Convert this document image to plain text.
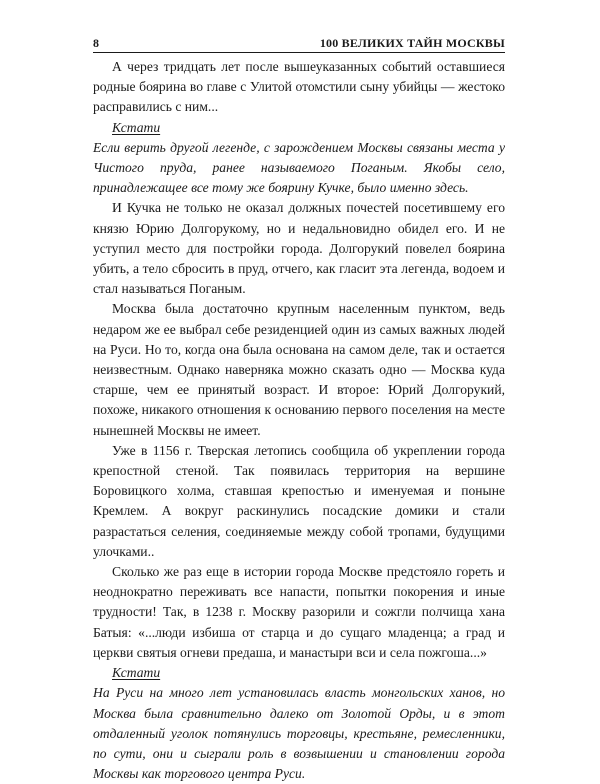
8	100 ВЕЛИКИХ ТАЙН МОСКВЫ

А через тридцать лет после вышеуказанных событий оставшиеся родные боярина во главе с Улитой отомстили сыну убийцы — жестоко расправились с ним...

Кстати

Если верить другой легенде, с зарождением Москвы связаны места у Чистого пруда, ранее называемого Поганым. Якобы село, принадлежащее все тому же боярину Кучке, было именно здесь.

И Кучка не только не оказал должных почестей посетившему его князю Юрию Долгорукому, но и недальновидно обидел его. И не уступил место для постройки города. Долгорукий повелел боярина убить, а тело сбросить в пруд, отчего, как гласит эта легенда, водоем и стал называться Поганым.

Москва была достаточно крупным населенным пунктом, ведь недаром же ее выбрал себе резиденцией один из самых важных людей на Руси. Но то, когда она была основана на самом деле, так и остается неизвестным. Однако наверняка можно сказать одно — Москва куда старше, чем ее принятый возраст. И второе: Юрий Долгорукий, похоже, никакого отношения к основанию первого поселения на месте нынешней Москвы не имеет.

Уже в 1156 г. Тверская летопись сообщила об укреплении города крепостной стеной. Так появилась территория на вершине Боровицкого холма, ставшая крепостью и именуемая и поныне Кремлем. А вокруг раскинулись посадские домики и стали разрастаться селения, соединяемые между собой тропами, будущими улочками..

Сколько же раз еще в истории города Москве предстояло гореть и неоднократно переживать все напасти, попытки покорения и иные трудности! Так, в 1238 г. Москву разорили и сожгли полчища хана Батыя: «...люди избиша от старца и до сущаго младенца; а град и церкви святыя огневи предаша, и манастыри вси и села пожгоша...»

Кстати

На Руси на много лет установилась власть монгольских ханов, но Москва была сравнительно далеко от Золотой Орды, и в этот отдаленный уголок потянулись торговцы, крестьяне, ремесленники, по сути, они и сыграли роль в возвышении и становлении города Москвы как торгового центра Руси.
